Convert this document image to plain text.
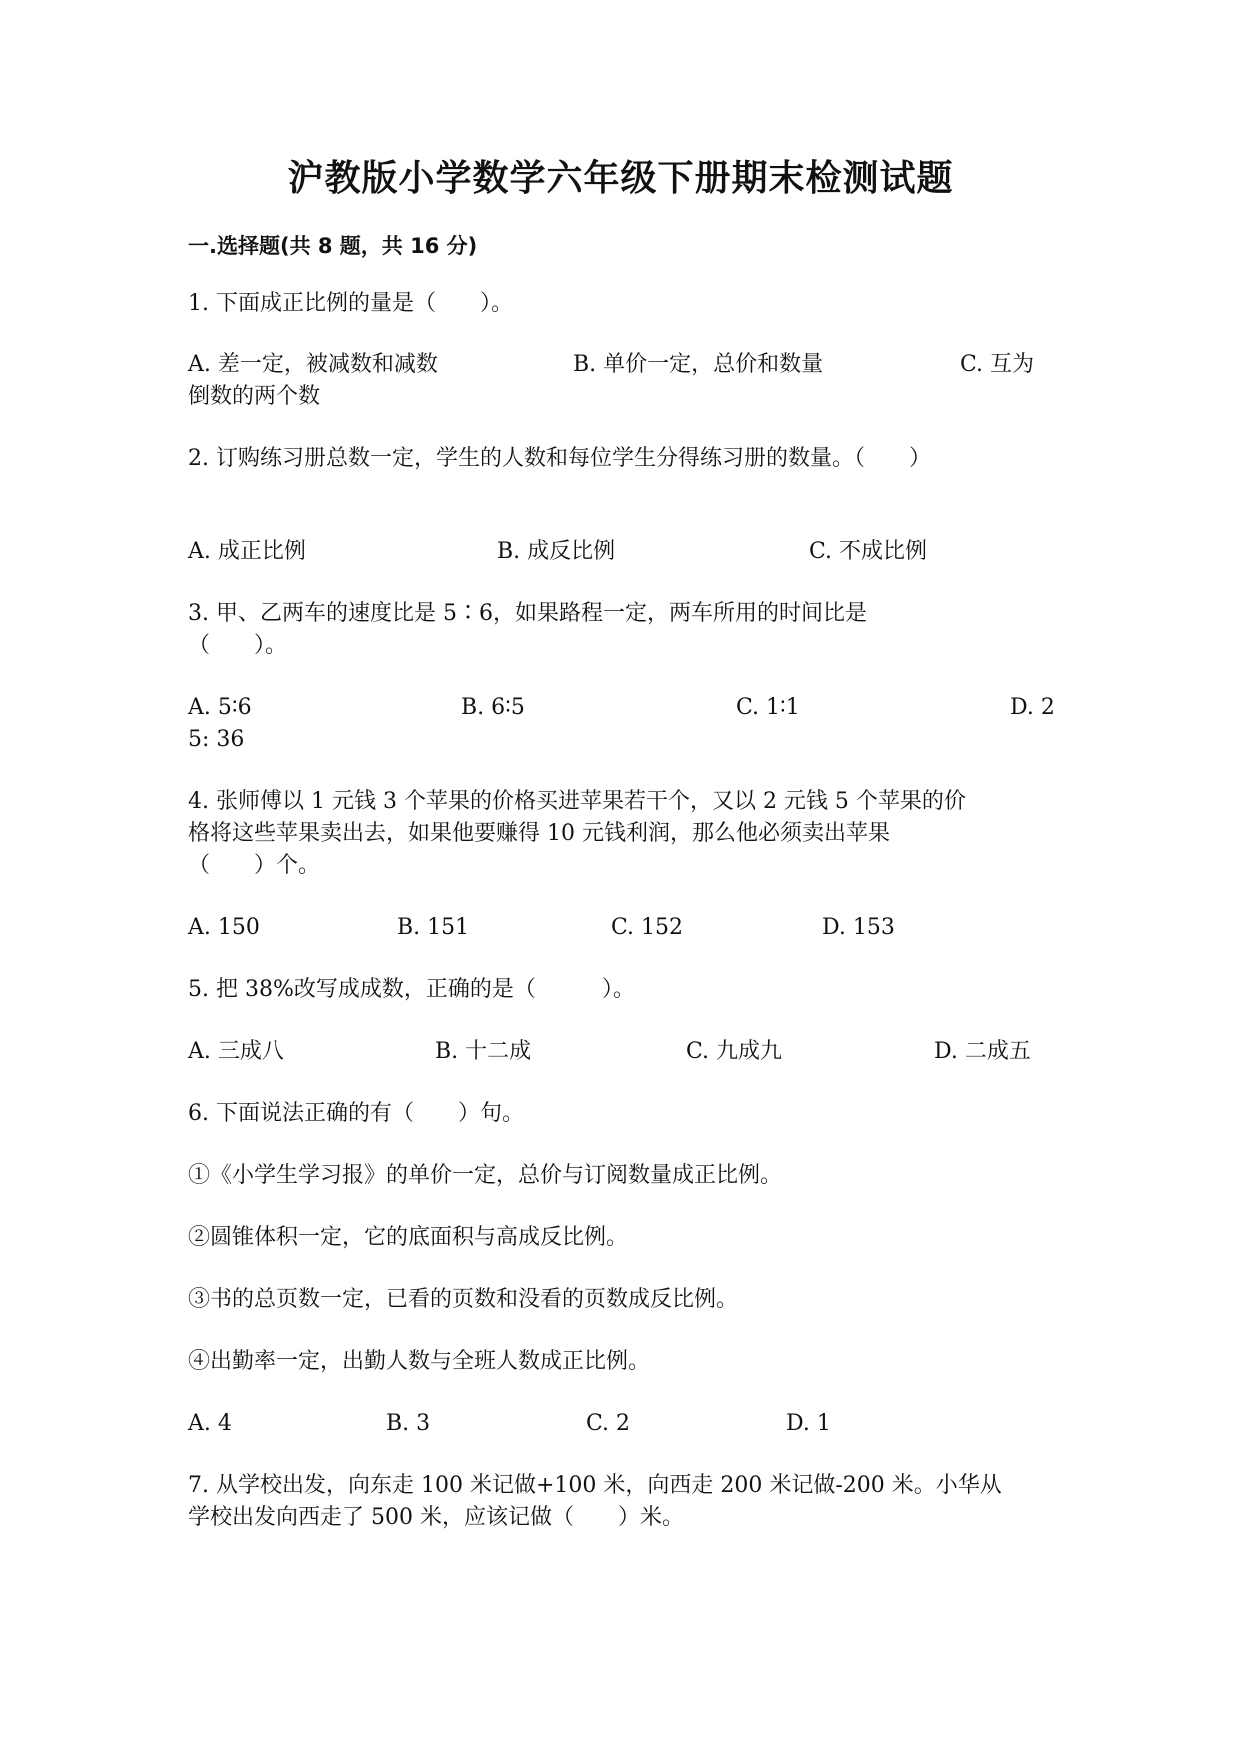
沪教版小学数学六年级下册期末检测试题
一.选择题(共 8 题，共 16 分)
1. 下面成正比例的量是（　　）。
A. 差一定，被减数和减数	B. 单价一定，总价和数量	C. 互为
倒数的两个数
2. 订购练习册总数一定，学生的人数和每位学生分得练习册的数量。（　　）
A. 成正比例	B. 成反比例	C. 不成比例
3. 甲、乙两车的速度比是 5∶6，如果路程一定，两车所用的时间比是
（　　）。
A. 5∶6	B. 6∶5	C. 1∶1	D. 2
5: 36
4. 张师傅以 1 元钱 3 个苹果的价格买进苹果若干个，又以 2 元钱 5 个苹果的价
格将这些苹果卖出去，如果他要赚得 10 元钱利润，那么他必须卖出苹果
（　　）个。
A. 150	B. 151	C. 152	D. 153
5. 把 38%改写成成数，正确的是（　　　）。
A. 三成八	B. 十二成	C. 九成九	D. 二成五
6. 下面说法正确的有（　　）句。
①《小学生学习报》的单价一定，总价与订阅数量成正比例。
②圆锥体积一定，它的底面积与高成反比例。
③书的总页数一定，已看的页数和没看的页数成反比例。
④出勤率一定，出勤人数与全班人数成正比例。
A. 4	B. 3	C. 2	D. 1
7. 从学校出发，向东走 100 米记做+100 米，向西走 200 米记做-200 米。小华从
学校出发向西走了 500 米，应该记做（　　）米。
